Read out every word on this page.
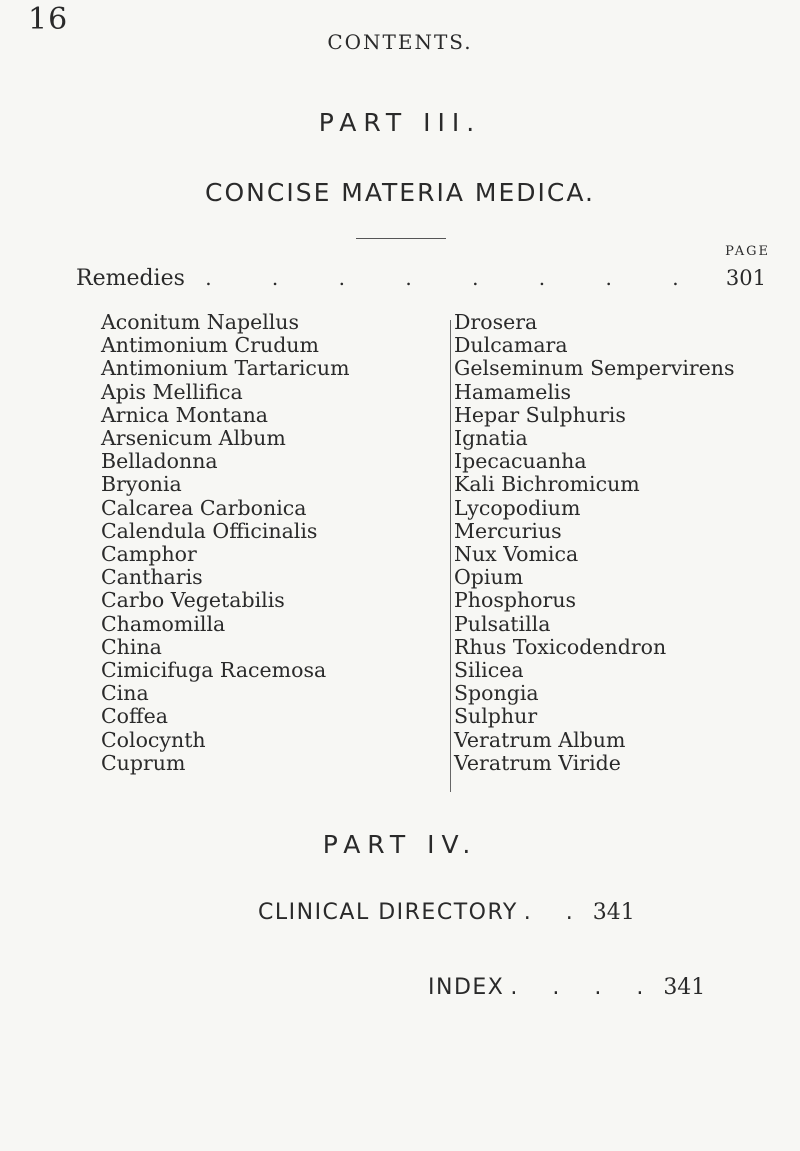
16
CONTENTS.
PART III.
CONCISE MATERIA MEDICA.
PAGE
Remedies	. . . . . . . . 301
Aconitum Napellus
Antimonium Crudum
Antimonium Tartaricum
Apis Mellifica
Arnica Montana
Arsenicum Album
Belladonna
Bryonia
Calcarea Carbonica
Calendula Officinalis
Camphor
Cantharis
Carbo Vegetabilis
Chamomilla
China
Cimicifuga Racemosa
Cina
Coffea
Colocynth
Cuprum
Drosera
Dulcamara
Gelseminum Sempervirens
Hamamelis
Hepar Sulphuris
Ignatia
Ipecacuanha
Kali Bichromicum
Lycopodium
Mercurius
Nux Vomica
Opium
Phosphorus
Pulsatilla
Rhus Toxicodendron
Silicea
Spongia
Sulphur
Veratrum Album
Veratrum Viride
PART IV.
CLINICAL DIRECTORY . . 341
INDEX . . . . 341
